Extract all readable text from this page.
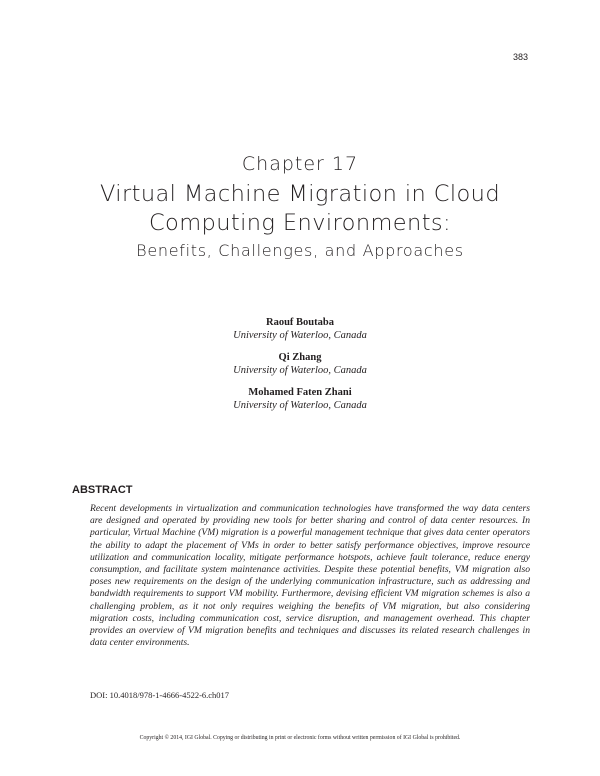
383
Chapter 17
Virtual Machine Migration in Cloud Computing Environments:
Benefits, Challenges, and Approaches
Raouf Boutaba
University of Waterloo, Canada
Qi Zhang
University of Waterloo, Canada
Mohamed Faten Zhani
University of Waterloo, Canada
ABSTRACT

Recent developments in virtualization and communication technologies have transformed the way data centers are designed and operated by providing new tools for better sharing and control of data center resources. In particular, Virtual Machine (VM) migration is a powerful management technique that gives data center operators the ability to adapt the placement of VMs in order to better satisfy performance objectives, improve resource utilization and communication locality, mitigate performance hotspots, achieve fault tolerance, reduce energy consumption, and facilitate system maintenance activities. Despite these potential benefits, VM migration also poses new requirements on the design of the underlying communication infrastructure, such as addressing and bandwidth requirements to support VM mobility. Furthermore, devising efficient VM migration schemes is also a challenging problem, as it not only requires weighing the benefits of VM migration, but also considering migration costs, including communication cost, service disruption, and management overhead. This chapter provides an overview of VM migration benefits and techniques and discusses its related research challenges in data center environments.

DOI: 10.4018/978-1-4666-4522-6.ch017
Copyright © 2014, IGI Global. Copying or distributing in print or electronic forms without written permission of IGI Global is prohibited.
